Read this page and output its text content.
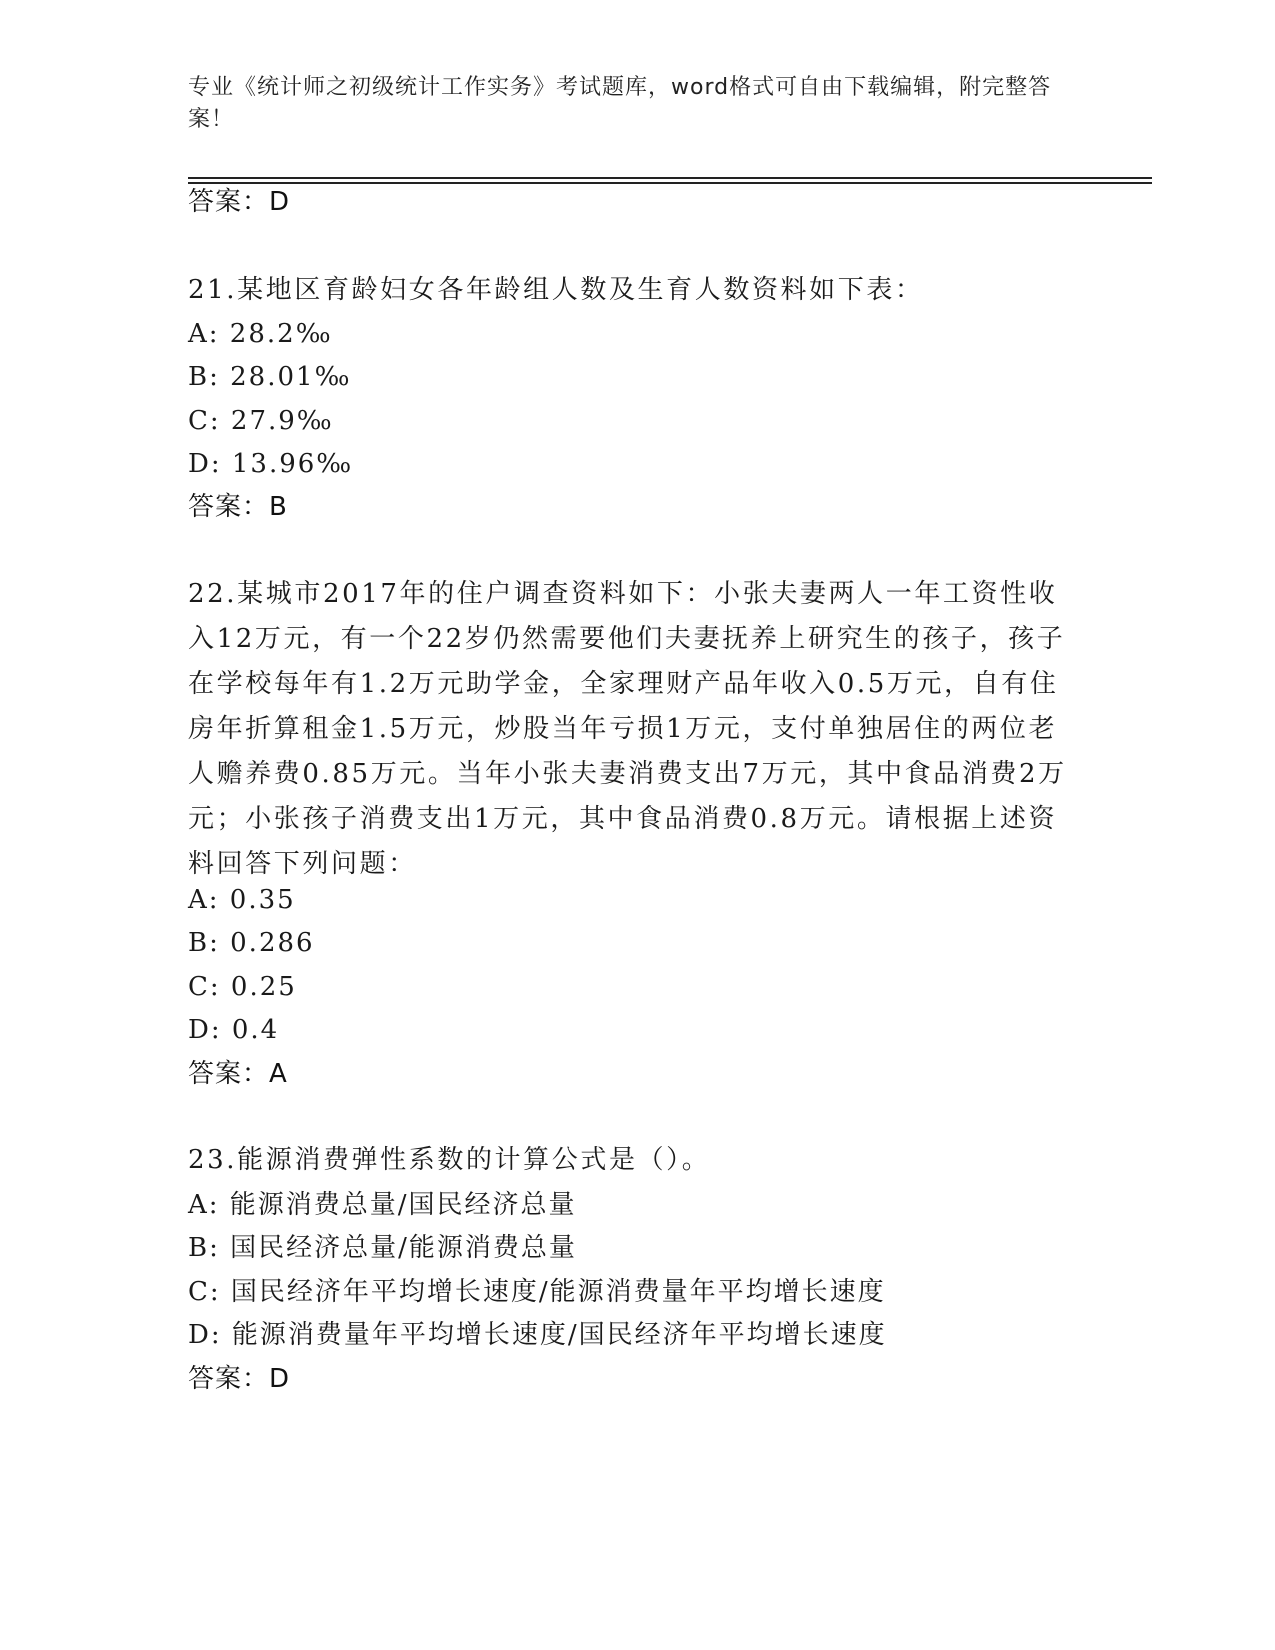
专业《统计师之初级统计工作实务》考试题库，word格式可自由下载编辑，附完整答案！
答案：D
21.某地区育龄妇女各年龄组人数及生育人数资料如下表：
A: 28.2‰
B: 28.01‰
C: 27.9‰
D: 13.96‰
答案：B
22.某城市2017年的住户调查资料如下：小张夫妻两人一年工资性收入12万元，有一个22岁仍然需要他们夫妻抚养上研究生的孩子，孩子在学校每年有1.2万元助学金，全家理财产品年收入0.5万元，自有住房年折算租金1.5万元，炒股当年亏损1万元，支付单独居住的两位老人赡养费0.85万元。当年小张夫妻消费支出7万元，其中食品消费2万元；小张孩子消费支出1万元，其中食品消费0.8万元。请根据上述资料回答下列问题：
A: 0.35
B: 0.286
C: 0.25
D: 0.4
答案：A
23.能源消费弹性系数的计算公式是（）。
A: 能源消费总量/国民经济总量
B: 国民经济总量/能源消费总量
C: 国民经济年平均增长速度/能源消费量年平均增长速度
D: 能源消费量年平均增长速度/国民经济年平均增长速度
答案：D
